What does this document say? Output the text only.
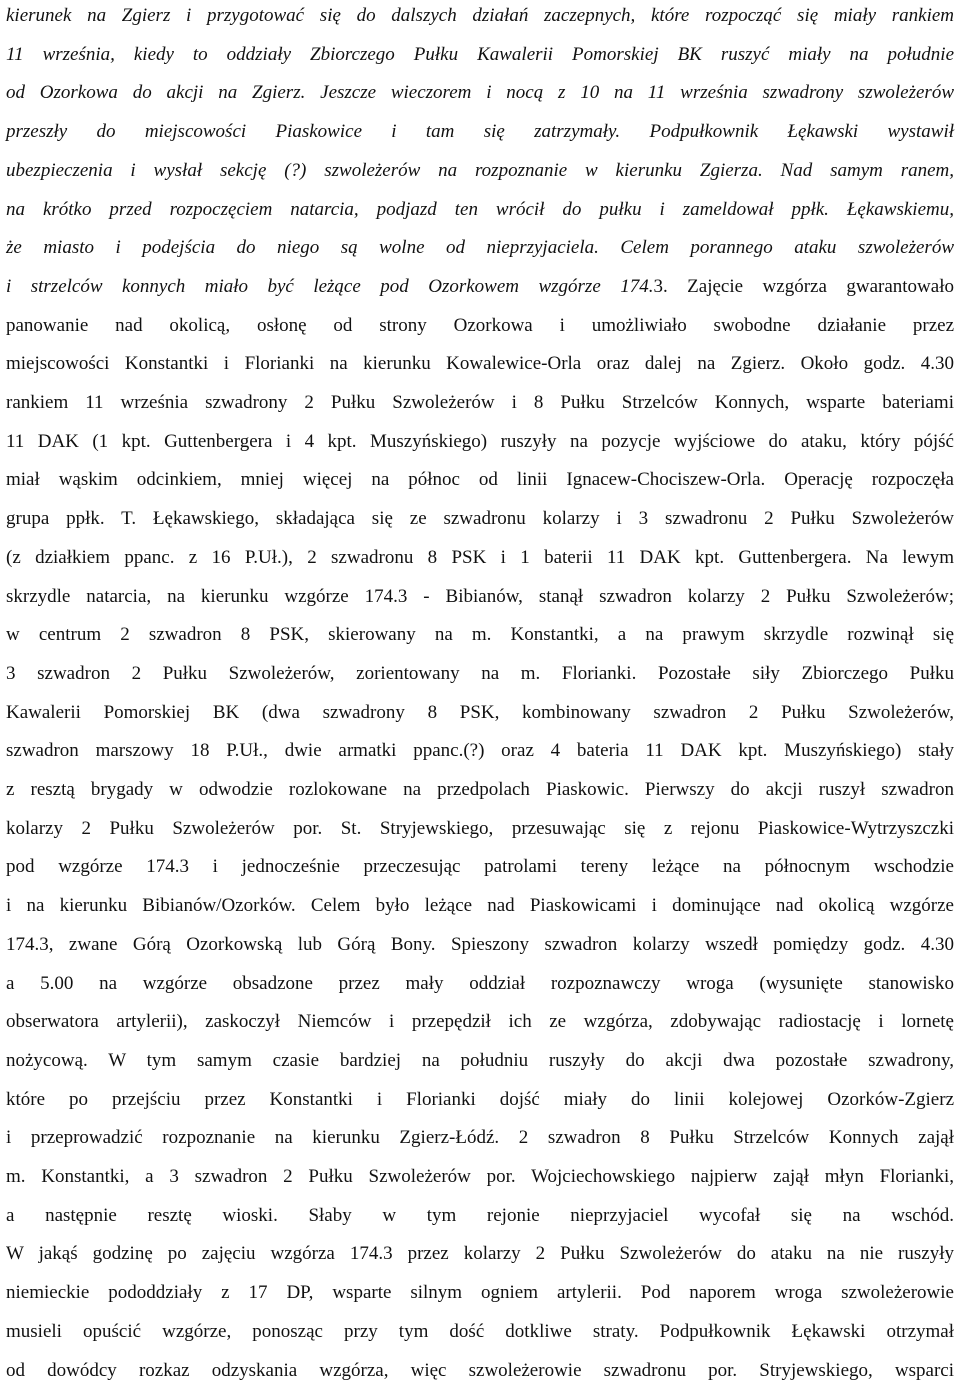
kierunek na Zgierz i przygotować się do dalszych działań zaczepnych, które rozpocząć się miały rankiem
11 września, kiedy to oddziały Zbiorczego Pułku Kawalerii Pomorskiej BK ruszyć miały na południe
od Ozorkowa do akcji na Zgierz. Jeszcze wieczorem i nocą z 10 na 11 września szwadrony szwoleżerów
przeszły do miejscowości Piaskowice i tam się zatrzymały. Podpułkownik Łękawski wystawił
ubezpieczenia i wysłał sekcję (?) szwoleżerów na rozpoznanie w kierunku Zgierza. Nad samym ranem,
na krótko przed rozpoczęciem natarcia, podjazd ten wrócił do pułku i zameldował ppłk. Łękawskiemu,
że miasto i podejścia do niego są wolne od nieprzyjaciela. Celem porannego ataku szwoleżerów
i strzelców konnych miało być leżące pod Ozorkowem wzgórze 174.3. Zajęcie wzgórza gwarantowało
panowanie nad okolicą, osłonę od strony Ozorkowa i umożliwiało swobodne działanie przez
miejscowości Konstantki i Florianki na kierunku Kowalewice-Orla oraz dalej na Zgierz. Około godz. 4.30
rankiem 11 września szwadrony 2 Pułku Szwoleżerów i 8 Pułku Strzelców Konnych, wsparte bateriami
11 DAK (1 kpt. Guttenbergera i 4 kpt. Muszyńskiego) ruszyły na pozycje wyjściowe do ataku, który pójść
miał wąskim odcinkiem, mniej więcej na północ od linii Ignacew-Chociszew-Orla. Operację rozpoczęła
grupa ppłk. T. Łękawskiego, składająca się ze szwadronu kolarzy i 3 szwadronu 2 Pułku Szwoleżerów
(z działkiem ppanc. z 16 P.Uł.), 2 szwadronu 8 PSK i 1 baterii 11 DAK kpt. Guttenbergera. Na lewym
skrzydle natarcia, na kierunku wzgórze 174.3 - Bibianów, stanął szwadron kolarzy 2 Pułku Szwoleżerów;
w centrum 2 szwadron 8 PSK, skierowany na m. Konstantki, a na prawym skrzydle rozwinął się
3 szwadron 2 Pułku Szwoleżerów, zorientowany na m. Florianki. Pozostałe siły Zbiorczego Pułku
Kawalerii Pomorskiej BK (dwa szwadrony 8 PSK, kombinowany szwadron 2 Pułku Szwoleżerów,
szwadron marszowy 18 P.Uł., dwie armatki ppanc.(?) oraz 4 bateria 11 DAK kpt. Muszyńskiego) stały
z resztą brygady w odwodzie rozlokowane na przedpolach Piaskowic. Pierwszy do akcji ruszył szwadron
kolarzy 2 Pułku Szwoleżerów por. St. Stryjewskiego, przesuwając się z rejonu Piaskowice-Wytrzyszczki
pod wzgórze 174.3 i jednocześnie przeczesując patrolami tereny leżące na północnym wschodzie
i na kierunku Bibianów/Ozorków. Celem było leżące nad Piaskowicami i dominujące nad okolicą wzgórze
174.3, zwane Górą Ozorkowską lub Górą Bony. Spieszony szwadron kolarzy wszedł pomiędzy godz. 4.30
a 5.00 na wzgórze obsadzone przez mały oddział rozpoznawczy wroga (wysunięte stanowisko
obserwatora artylerii), zaskoczył Niemców i przepędził ich ze wzgórza, zdobywając radiostację i lornetę
nożycową. W tym samym czasie bardziej na południu ruszyły do akcji dwa pozostałe szwadrony,
które po przejściu przez Konstantki i Florianki dojść miały do linii kolejowej Ozorków-Zgierz
i przeprowadzić rozpoznanie na kierunku Zgierz-Łódź. 2 szwadron 8 Pułku Strzelców Konnych zajął
m. Konstantki, a 3 szwadron 2 Pułku Szwoleżerów por. Wojciechowskiego najpierw zajął młyn Florianki,
a następnie resztę wioski. Słaby w tym rejonie nieprzyjaciel wycofał się na wschód.
W jakąś godzinę po zajęciu wzgórza 174.3 przez kolarzy 2 Pułku Szwoleżerów do ataku na nie ruszyły
niemieckie pododdziały z 17 DP, wsparte silnym ogniem artylerii. Pod naporem wroga szwoleżerowie
musieli opuścić wzgórze, ponosząc przy tym dość dotkliwe straty. Podpułkownik Łękawski otrzymał
od dowódcy rozkaz odzyskania wzgórza, więc szwoleżerowie szwadronu por. Stryjewskiego, wsparci
